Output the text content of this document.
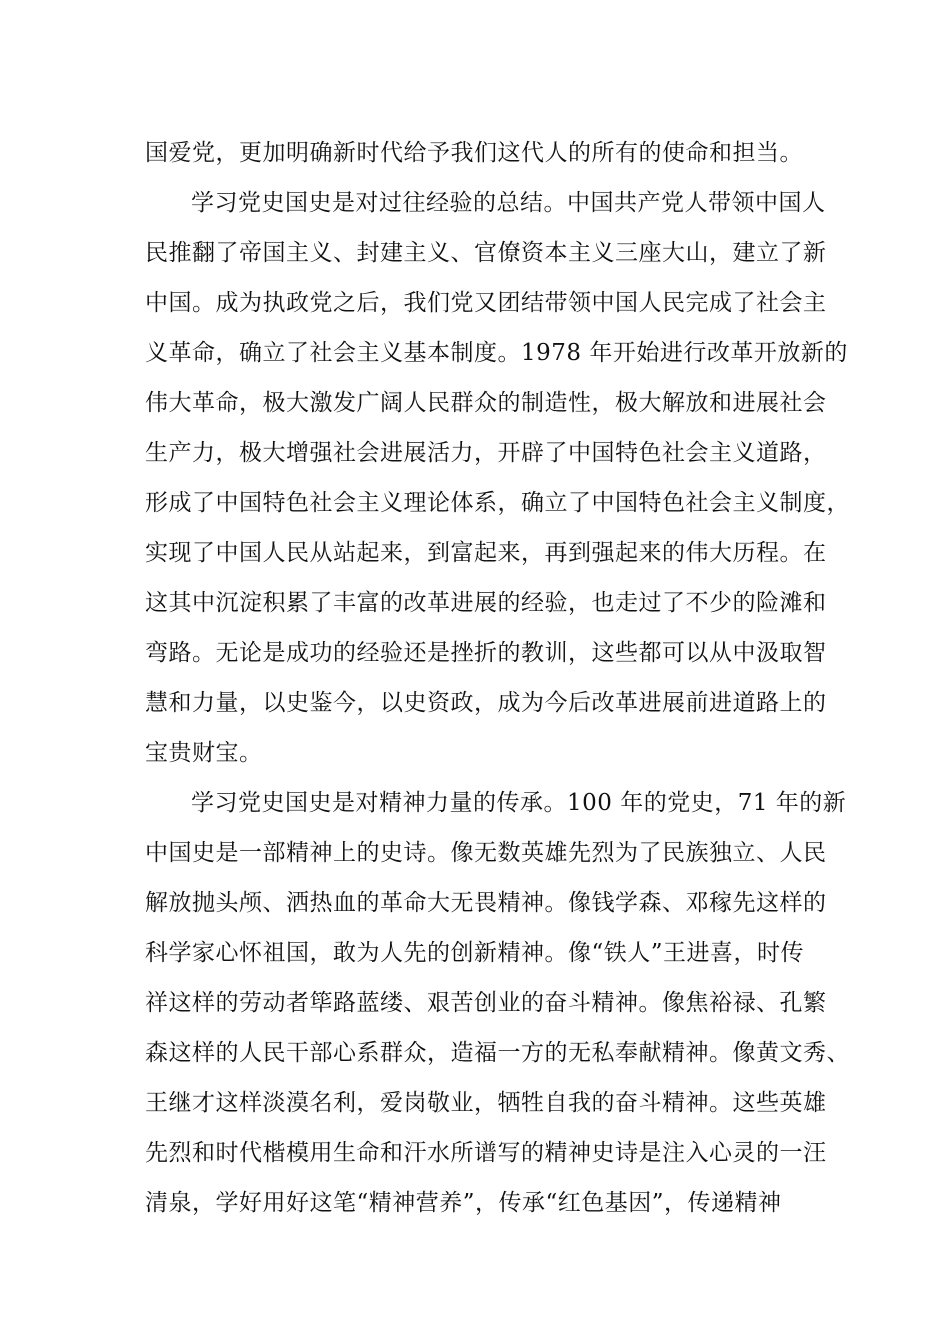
国爱党，更加明确新时代给予我们这代人的所有的使命和担当。
学习党史国史是对过往经验的总结。中国共产党人带领中国人
民推翻了帝国主义、封建主义、官僚资本主义三座大山，建立了新
中国。成为执政党之后，我们党又团结带领中国人民完成了社会主
义革命，确立了社会主义基本制度。1978 年开始进行改革开放新的
伟大革命，极大激发广阔人民群众的制造性，极大解放和进展社会
生产力，极大增强社会进展活力，开辟了中国特色社会主义道路，
形成了中国特色社会主义理论体系，确立了中国特色社会主义制度，
实现了中国人民从站起来，到富起来，再到强起来的伟大历程。在
这其中沉淀积累了丰富的改革进展的经验，也走过了不少的险滩和
弯路。无论是成功的经验还是挫折的教训，这些都可以从中汲取智
慧和力量，以史鉴今，以史资政，成为今后改革进展前进道路上的
宝贵财宝。
学习党史国史是对精神力量的传承。100 年的党史，71 年的新
中国史是一部精神上的史诗。像无数英雄先烈为了民族独立、人民
解放抛头颅、洒热血的革命大无畏精神。像钱学森、邓稼先这样的
科学家心怀祖国，敢为人先的创新精神。像“铁人”王进喜，时传
祥这样的劳动者筚路蓝缕、艰苦创业的奋斗精神。像焦裕禄、孔繁
森这样的人民干部心系群众，造福一方的无私奉献精神。像黄文秀、
王继才这样淡漠名利，爱岗敬业，牺牲自我的奋斗精神。这些英雄
先烈和时代楷模用生命和汗水所谱写的精神史诗是注入心灵的一汪
清泉，学好用好这笔“精神营养”，传承“红色基因”，传递精神
